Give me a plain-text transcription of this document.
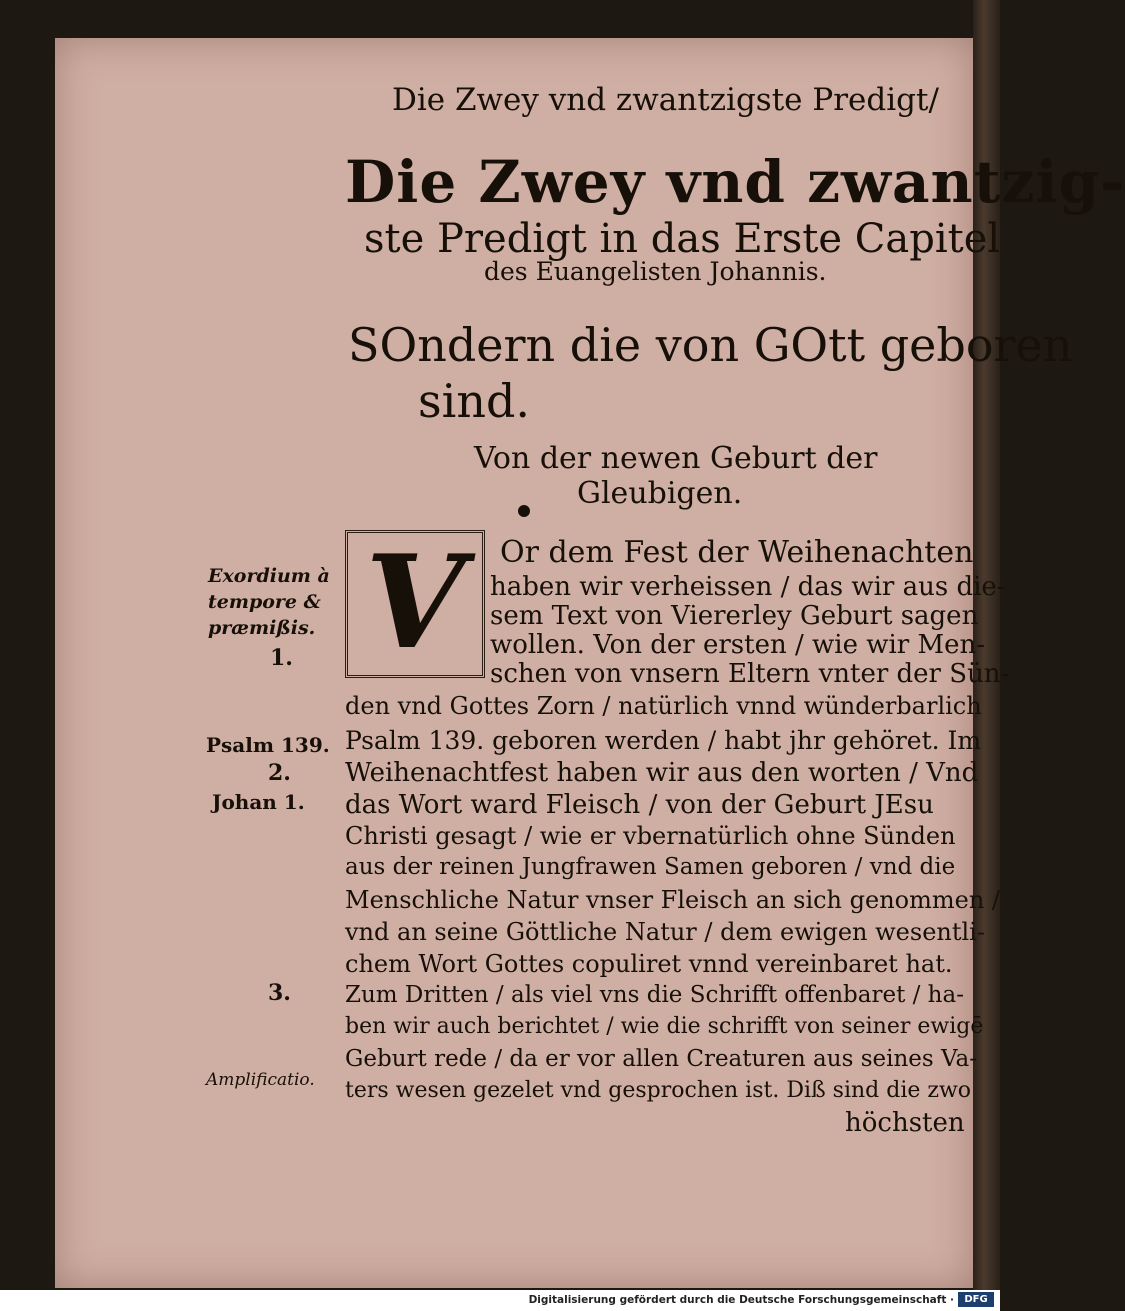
Die Zwey vnd zwantzigste Predigt/
Die Zwey vnd zwantzig-
ste Predigt in das Erste Capitel
des Euangelisten Johannis.
SOndern die von GOtt geboren
sind.
Von der newen Geburt der
Gleubigen.
V	Or dem Fest der Weihenachten
haben wir verheissen / das wir aus die-
sem Text von Viererley Geburt sagen
wollen. Von der ersten / wie wir Men-
schen von vnsern Eltern vnter der Sün-
den vnd Gottes Zorn / natürlich vnnd wünderbarlich
Psalm 139. geboren werden / habt jhr gehöret. Im
Weihenachtfest haben wir aus den worten / Vnd
das Wort ward Fleisch / von der Geburt JEsu
Christi gesagt / wie er vbernatürlich ohne Sünden
aus der reinen Jungfrawen Samen geboren / vnd die
Menschliche Natur vnser Fleisch an sich genommen /
vnd an seine Göttliche Natur / dem ewigen wesentli-
chem Wort Gottes copuliret vnnd vereinbaret hat.
Zum Dritten / als viel vns die Schrifft offenbaret / ha-
ben wir auch berichtet / wie die schrifft von seiner ewigē
Geburt rede / da er vor allen Creaturen aus seines Va-
ters wesen gezelet vnd gesprochen ist. Diß sind die zwo
höchsten
Exordium à
tempore &
præmißis.
1.
Psalm 139.
2.
Johan 1.
3.
Amplificatio.
Digitalisierung gefördert durch die Deutsche Forschungsgemeinschaft ·	DFG
